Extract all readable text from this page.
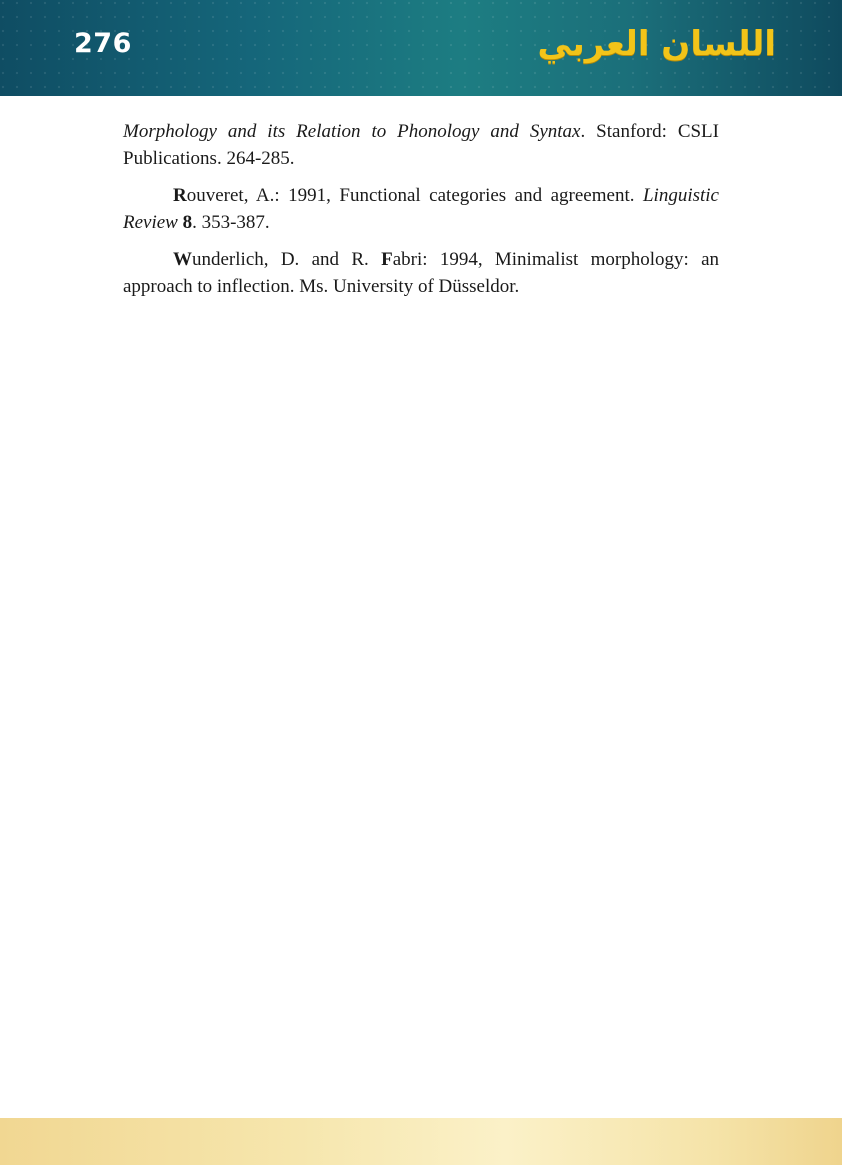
276	اللسان العربي

Morphology and its Relation to Phonology and Syntax. Stanford: CSLI Publications. 264-285.

Rouveret, A.: 1991, Functional categories and agreement. Linguistic Review 8. 353-387.

Wunderlich, D. and R. Fabri: 1994, Minimalist morphology: an approach to inflection. Ms. University of Düsseldor.
